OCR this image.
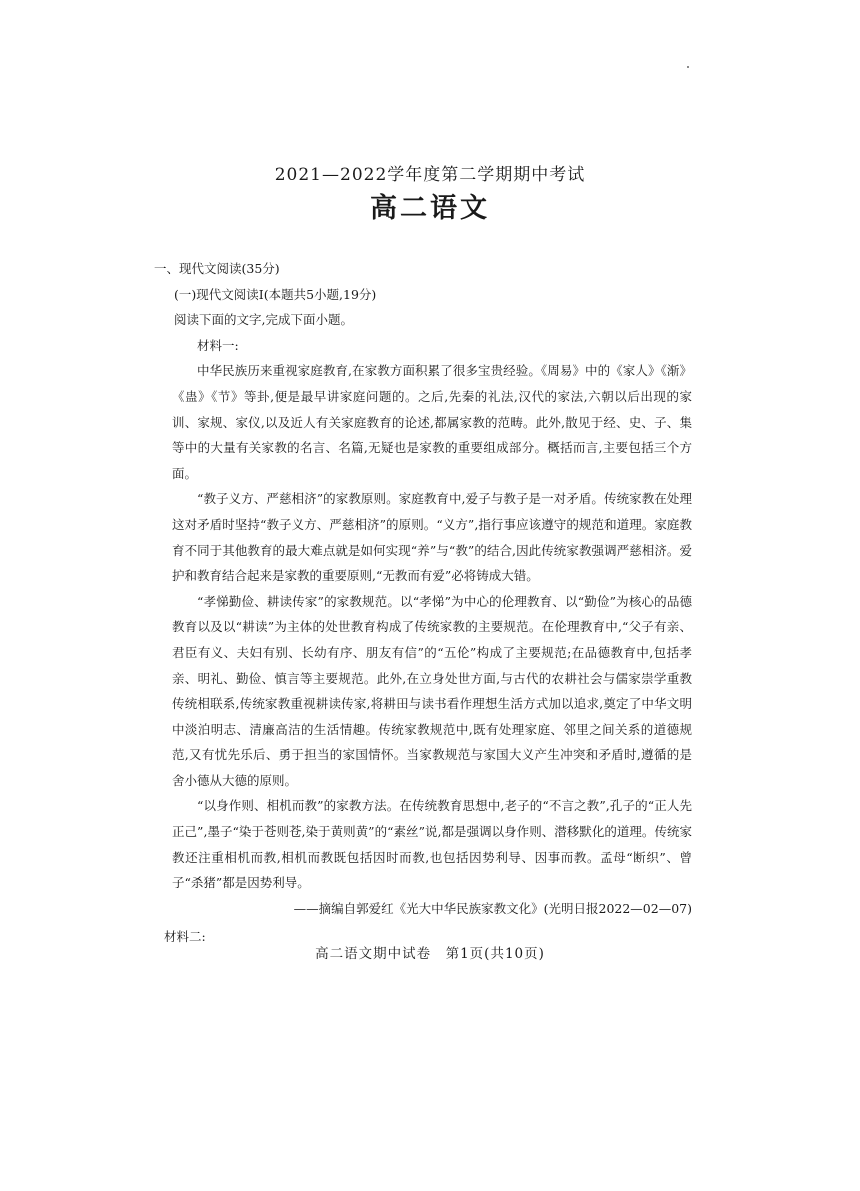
2021—2022学年度第二学期期中考试
高二语文

一、现代文阅读(35分)

(一)现代文阅读Ⅰ(本题共5小题,19分)

阅读下面的文字,完成下面小题。

材料一:

中华民族历来重视家庭教育,在家教方面积累了很多宝贵经验。《周易》中的《家人》《渐》《蛊》《节》等卦,便是最早讲家庭问题的。之后,先秦的礼法,汉代的家法,六朝以后出现的家训、家规、家仪,以及近人有关家庭教育的论述,都属家教的范畴。此外,散见于经、史、子、集等中的大量有关家教的名言、名篇,无疑也是家教的重要组成部分。概括而言,主要包括三个方面。

“教子义方、严慈相济”的家教原则。家庭教育中,爱子与教子是一对矛盾。传统家教在处理这对矛盾时坚持“教子义方、严慈相济”的原则。“义方”,指行事应该遵守的规范和道理。家庭教育不同于其他教育的最大难点就是如何实现“养”与“教”的结合,因此传统家教强调严慈相济。爱护和教育结合起来是家教的重要原则,“无教而有爱”必将铸成大错。

“孝悌勤俭、耕读传家”的家教规范。以“孝悌”为中心的伦理教育、以“勤俭”为核心的品德教育以及以“耕读”为主体的处世教育构成了传统家教的主要规范。在伦理教育中,“父子有亲、君臣有义、夫妇有别、长幼有序、朋友有信”的“五伦”构成了主要规范;在品德教育中,包括孝亲、明礼、勤俭、慎言等主要规范。此外,在立身处世方面,与古代的农耕社会与儒家崇学重教传统相联系,传统家教重视耕读传家,将耕田与读书看作理想生活方式加以追求,奠定了中华文明中淡泊明志、清廉高洁的生活情趣。传统家教规范中,既有处理家庭、邻里之间关系的道德规范,又有忧先乐后、勇于担当的家国情怀。当家教规范与家国大义产生冲突和矛盾时,遵循的是舍小德从大德的原则。

“以身作则、相机而教”的家教方法。在传统教育思想中,老子的“不言之教”,孔子的“正人先正己”,墨子“染于苍则苍,染于黄则黄”的“素丝”说,都是强调以身作则、潜移默化的道理。传统家教还注重相机而教,相机而教既包括因时而教,也包括因势利导、因事而教。孟母“断织”、曾子“杀猪”都是因势利导。

——摘编自郭爱红《光大中华民族家教文化》(光明日报2022—02—07)

材料二:

高二语文期中试卷　第1页(共10页)
